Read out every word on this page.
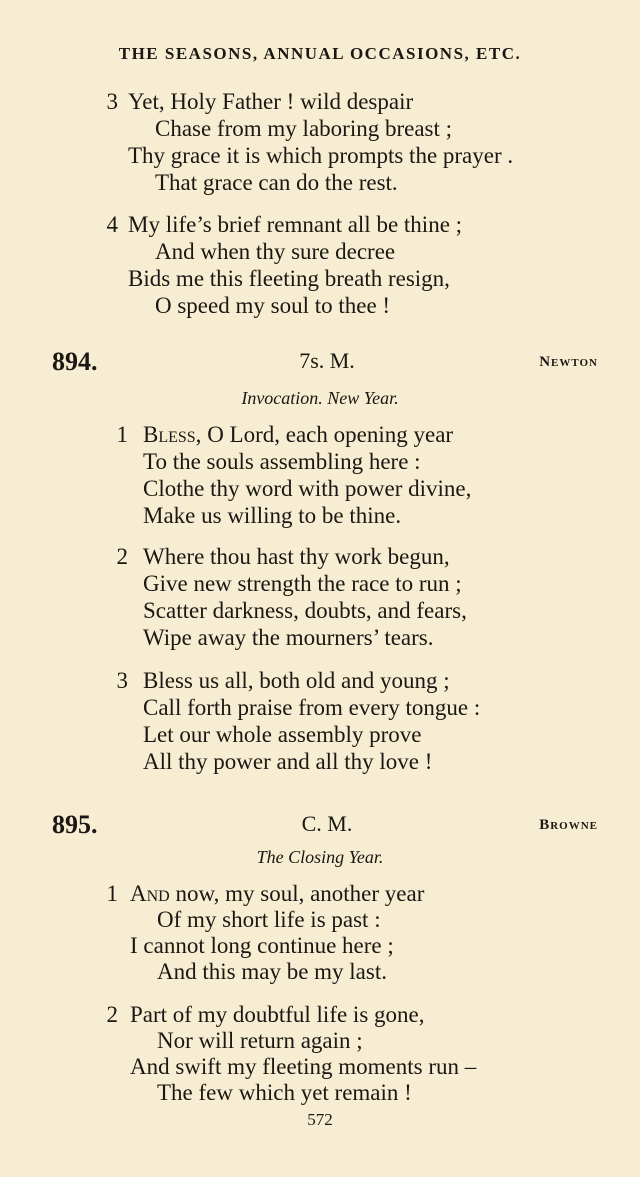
THE SEASONS, ANNUAL OCCASIONS, ETC.
3 Yet, Holy Father ! wild despair
Chase from my laboring breast ;
Thy grace it is which prompts the prayer .
That grace can do the rest.
4 My life’s brief remnant all be thine ;
And when thy sure decree
Bids me this fleeting breath resign,
O speed my soul to thee !
894.	7s. M.	Newton
Invocation. New Year.
1 Bless, O Lord, each opening year
To the souls assembling here :
Clothe thy word with power divine,
Make us willing to be thine.
2 Where thou hast thy work begun,
Give new strength the race to run ;
Scatter darkness, doubts, and fears,
Wipe away the mourners’ tears.
3 Bless us all, both old and young ;
Call forth praise from every tongue :
Let our whole assembly prove
All thy power and all thy love !
895.	C. M.	Browne
The Closing Year.
1 And now, my soul, another year
Of my short life is past :
I cannot long continue here ;
And this may be my last.
2 Part of my doubtful life is gone,
Nor will return again ;
And swift my fleeting moments run –
The few which yet remain !
572
